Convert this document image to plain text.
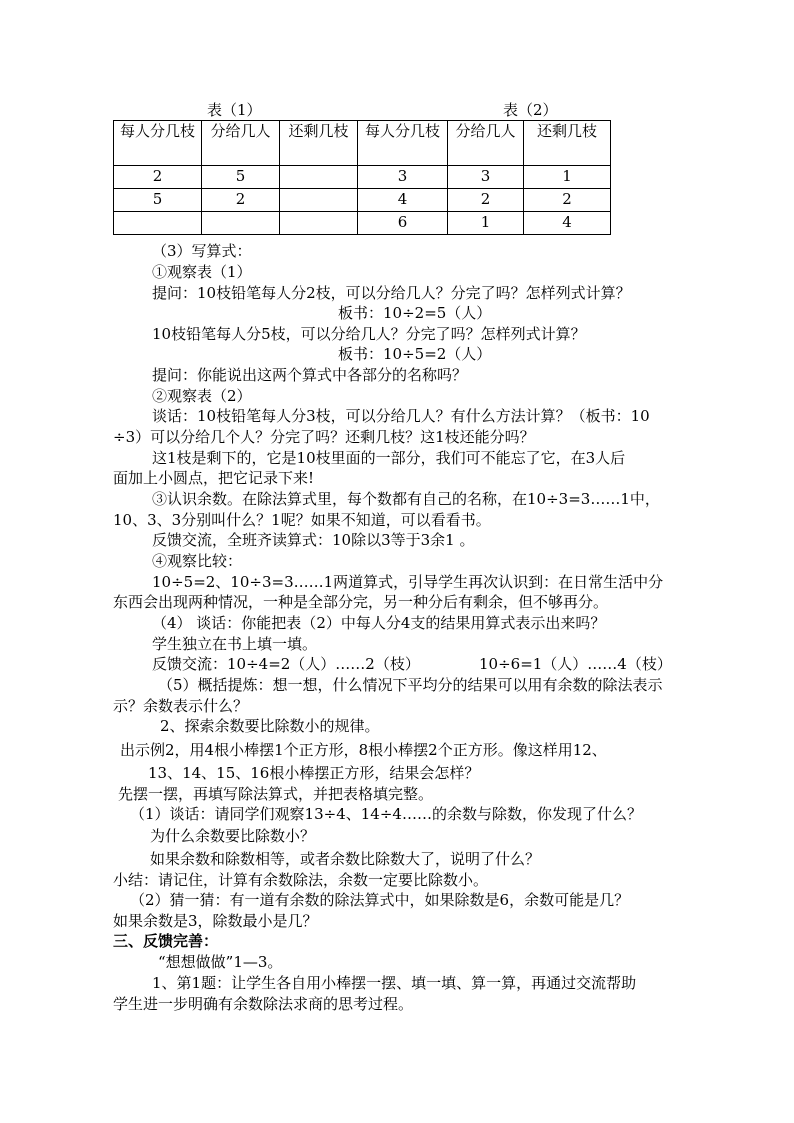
表（1）	表（2）
每人分几枝	分给几人	还剩几枝	每人分几枝	分给几人	还剩几枝
2	5		3	3	1
5	2		4	2	2
			6	1	4
（3）写算式：
①观察表（1）
提问：10枝铅笔每人分2枝，可以分给几人？分完了吗？怎样列式计算？
板书：10÷2=5（人）
10枝铅笔每人分5枝，可以分给几人？分完了吗？怎样列式计算？
板书：10÷5=2（人）
提问：你能说出这两个算式中各部分的名称吗？
②观察表（2）
谈话：10枝铅笔每人分3枝，可以分给几人？有什么方法计算？（板书：10
÷3）可以分给几个人？分完了吗？还剩几枝？这1枝还能分吗？
这1枝是剩下的，它是10枝里面的一部分，我们可不能忘了它，在3人后
面加上小圆点，把它记录下来!
③认识余数。在除法算式里，每个数都有自己的名称，在10÷3=3……1中，
10、3、3分别叫什么？1呢？如果不知道，可以看看书。
反馈交流，全班齐读算式：10除以3等于3余1 。
④观察比较：
10÷5=2、10÷3=3……1两道算式，引导学生再次认识到：在日常生活中分
东西会出现两种情况，一种是全部分完，另一种分后有剩余，但不够再分。
（4） 谈话：你能把表（2）中每人分4支的结果用算式表示出来吗？
学生独立在书上填一填。
反馈交流：10÷4=2（人）……2（枝）	10÷6=1（人）……4（枝）
（5）概括提炼：想一想，什么情况下平均分的结果可以用有余数的除法表示
示？余数表示什么？
2、探索余数要比除数小的规律。
出示例2，用4根小棒摆1个正方形，8根小棒摆2个正方形。像这样用12、
13、14、15、16根小棒摆正方形，结果会怎样？
先摆一摆，再填写除法算式，并把表格填完整。
（1）谈话：请同学们观察13÷4、14÷4……的余数与除数，你发现了什么？
为什么余数要比除数小？
如果余数和除数相等，或者余数比除数大了，说明了什么？
小结：请记住，计算有余数除法，余数一定要比除数小。
（2）猜一猜：有一道有余数的除法算式中，如果除数是6，余数可能是几？
如果余数是3，除数最小是几？
三、反馈完善：
“想想做做”1—3。
1、第1题：让学生各自用小棒摆一摆、填一填、算一算，再通过交流帮助
学生进一步明确有余数除法求商的思考过程。
